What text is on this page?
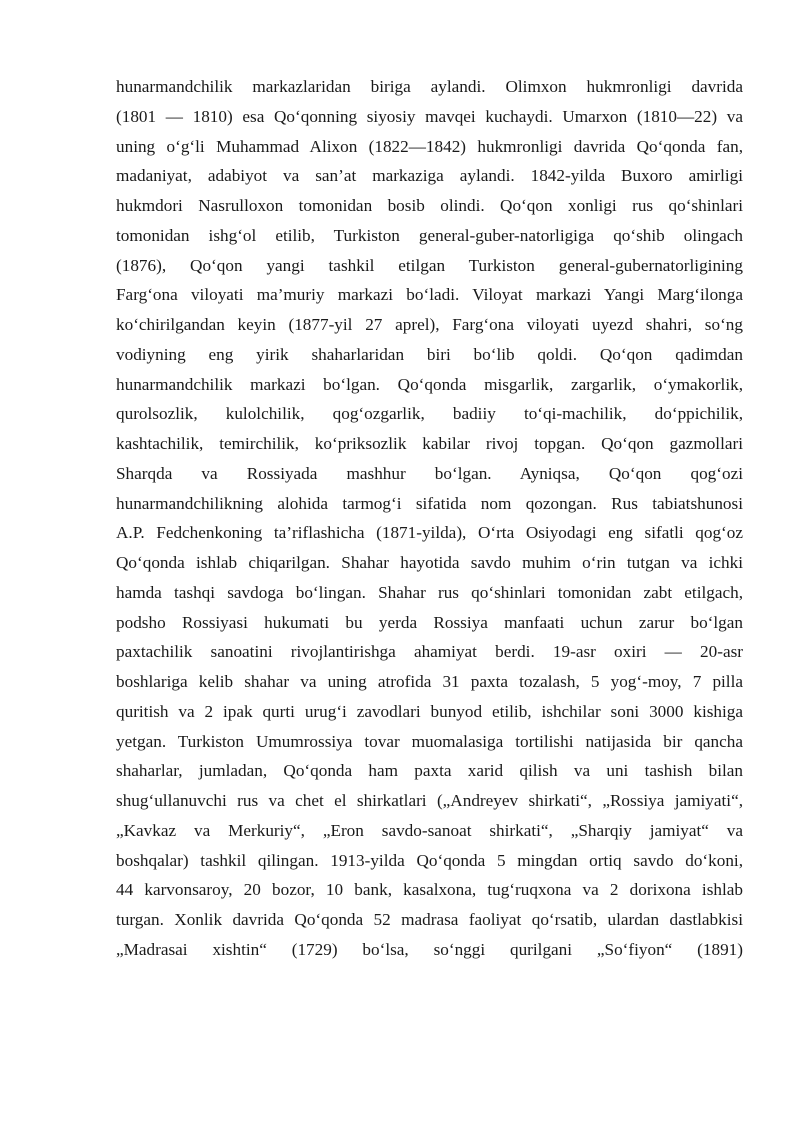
hunarmandchilik markazlaridan biriga aylandi. Olimxon hukmronligi davrida
(1801 — 1810) esa Qo‘qonning siyosiy mavqei kuchaydi. Umarxon (1810—22) va
uning o‘g‘li Muhammad Alixon (1822—1842) hukmronligi davrida Qo‘qonda fan,
madaniyat, adabiyot va san’at markaziga aylandi. 1842-yilda Buxoro amirligi
hukmdori Nasrulloxon tomonidan bosib olindi. Qo‘qon xonligi rus qo‘shinlari
tomonidan ishg‘ol etilib, Turkiston general-guber-natorligiga qo‘shib olingach
(1876), Qo‘qon yangi tashkil etilgan Turkiston general-gubernatorligining
Farg‘ona viloyati ma’muriy markazi bo‘ladi. Viloyat markazi Yangi Marg‘ilonga
ko‘chirilgandan keyin (1877-yil 27 aprel), Farg‘ona viloyati uyezd shahri, so‘ng
vodiyning eng yirik shaharlaridan biri bo‘lib qoldi. Qo‘qon qadimdan
hunarmandchilik markazi bo‘lgan. Qo‘qonda misgarlik, zargarlik, o‘ymakorlik,
qurolsozlik, kulolchilik, qog‘ozgarlik, badiiy to‘qi-machilik, do‘ppichilik,
kashtachilik, temirchilik, ko‘priksozlik kabilar rivoj topgan. Qo‘qon gazmollari
Sharqda va Rossiyada mashhur bo‘lgan. Ayniqsa, Qo‘qon qog‘ozi
hunarmandchilikning alohida tarmog‘i sifatida nom qozongan. Rus tabiatshunosi
A.P. Fedchenkoning ta’riflashicha (1871-yilda), O‘rta Osiyodagi eng sifatli qog‘oz
Qo‘qonda ishlab chiqarilgan. Shahar hayotida savdo muhim o‘rin tutgan va ichki
hamda tashqi savdoga bo‘lingan. Shahar rus qo‘shinlari tomonidan zabt etilgach,
podsho Rossiyasi hukumati bu yerda Rossiya manfaati uchun zarur bo‘lgan
paxtachilik sanoatini rivojlantirishga ahamiyat berdi. 19-asr oxiri — 20-asr
boshlariga kelib shahar va uning atrofida 31 paxta tozalash, 5 yog‘-moy, 7 pilla
quritish va 2 ipak qurti urug‘i zavodlari bunyod etilib, ishchilar soni 3000 kishiga
yetgan. Turkiston Umumrossiya tovar muomalasiga tortilishi natijasida bir qancha
shaharlar, jumladan, Qo‘qonda ham paxta xarid qilish va uni tashish bilan
shug‘ullanuvchi rus va chet el shirkatlari („Andreyev shirkati“, „Rossiya jamiyati“,
„Kavkaz va Merkuriy“, „Eron savdo-sanoat shirkati“, „Sharqiy jamiyat“ va
boshqalar) tashkil qilingan. 1913-yilda Qo‘qonda 5 mingdan ortiq savdo do‘koni,
44 karvonsaroy, 20 bozor, 10 bank, kasalxona, tug‘ruqxona va 2 dorixona ishlab
turgan. Xonlik davrida Qo‘qonda 52 madrasa faoliyat qo‘rsatib, ulardan dastlabkisi
„Madrasai xishtin“ (1729) bo‘lsa, so‘nggi qurilgani „So‘fiyon“ (1891)
